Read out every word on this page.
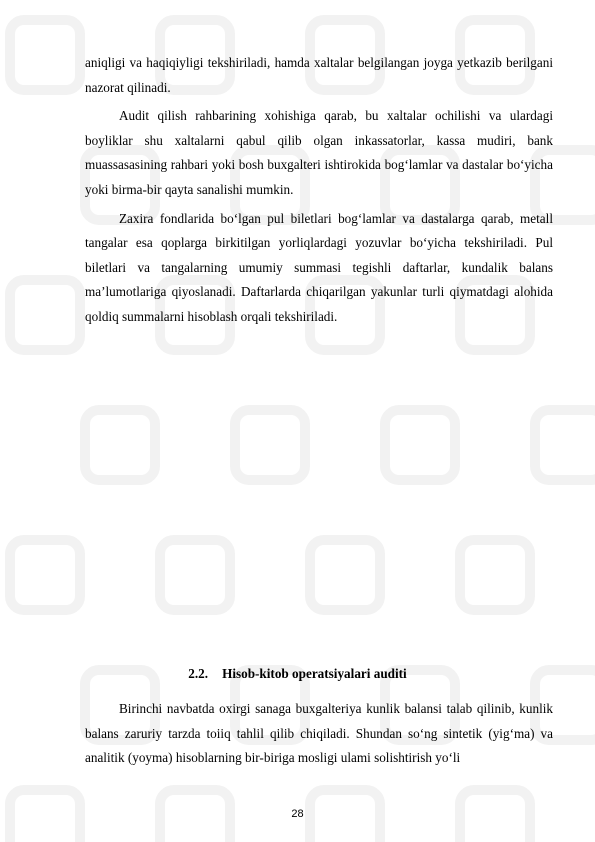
aniqligi va haqiqiyligi tekshiriladi, hamda xaltalar belgilangan joyga yetkazib berilgani nazorat qilinadi.

Audit qilish rahbarining xohishiga qarab, bu xaltalar ochilishi va ulardagi boyliklar shu xaltalarni qabul qilib olgan inkassatorlar, kassa mudiri, bank muassasasining rahbari yoki bosh buxgalteri ishtirokida bog‘lamlar va dastalar bo‘yicha yoki birma-bir qayta sanalishi mumkin.

Zaxira fondlarida bo‘lgan pul biletlari bog‘lamlar va dastalarga qarab, metall tangalar esa qoplarga birkitilgan yorliqlardagi yozuvlar bo‘yicha tekshiriladi. Pul biletlari va tangalarning umumiy summasi tegishli daftarlar, kundalik balans ma’lumotlariga qiyoslanadi. Daftarlarda chiqarilgan yakunlar turli qiymatdagi alohida qoldiq summalarni hisoblash orqali tekshiriladi.

2.2. Hisob-kitob operatsiyalari auditi

Birinchi navbatda oxirgi sanaga buxgalteriya kunlik balansi talab qilinib, kunlik balans zaruriy tarzda toiiq tahlil qilib chiqiladi. Shundan so‘ng sintetik (yig‘ma) va analitik (yoyma) hisoblarning bir-biriga mosligi ulami solishtirish yo‘li

28
